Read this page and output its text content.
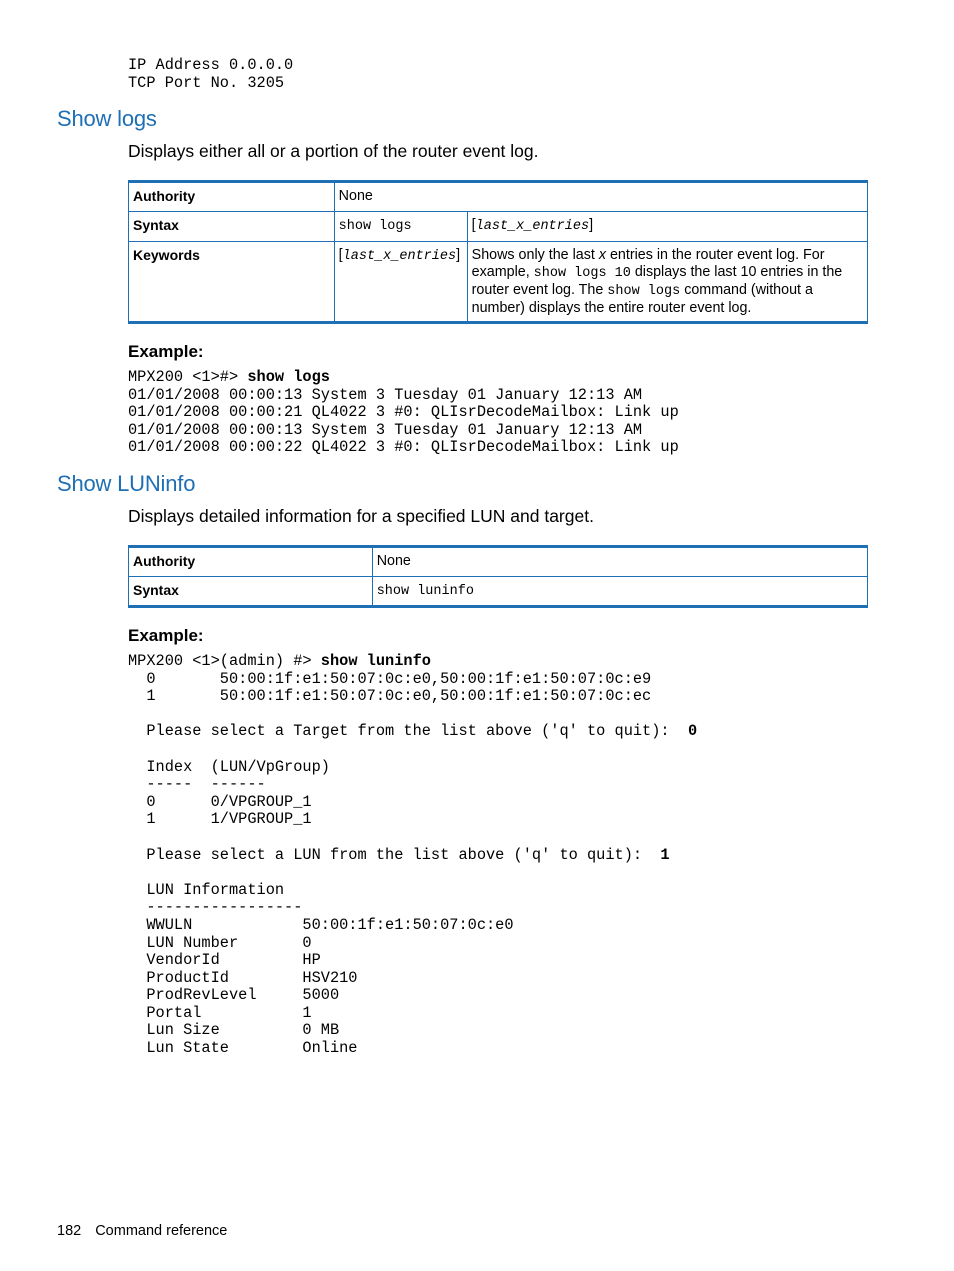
IP Address 0.0.0.0
TCP Port No. 3205
Show logs
Displays either all or a portion of the router event log.
Authority	None	
Syntax	show logs	[last_x_entries]
Keywords	[last_x_entries]	Shows only the last x entries in the router event log. For example, show logs 10 displays the last 10 entries in the router event log. The show logs command (without a number) displays the entire router event log.
Example:
MPX200 <1>#> show logs
01/01/2008 00:00:13 System 3 Tuesday 01 January 12:13 AM
01/01/2008 00:00:21 QL4022 3 #0: QLIsrDecodeMailbox: Link up
01/01/2008 00:00:13 System 3 Tuesday 01 January 12:13 AM
01/01/2008 00:00:22 QL4022 3 #0: QLIsrDecodeMailbox: Link up
Show LUNinfo
Displays detailed information for a specified LUN and target.
Authority	None
Syntax	show luninfo
Example:
MPX200 <1>(admin) #> show luninfo
0       50:00:1f:e1:50:07:0c:e0,50:00:1f:e1:50:07:0c:e9
1       50:00:1f:e1:50:07:0c:e0,50:00:1f:e1:50:07:0c:ec

Please select a Target from the list above ('q' to quit):  0

Index  (LUN/VpGroup)
-----  ------
0      0/VPGROUP_1
1      1/VPGROUP_1

Please select a LUN from the list above ('q' to quit):  1

LUN Information
-----------------
WWULN            50:00:1f:e1:50:07:0c:e0
LUN Number       0
VendorId         HP
ProductId        HSV210
ProdRevLevel     5000
Portal           1
Lun Size         0 MB
Lun State        Online
182 Command reference
